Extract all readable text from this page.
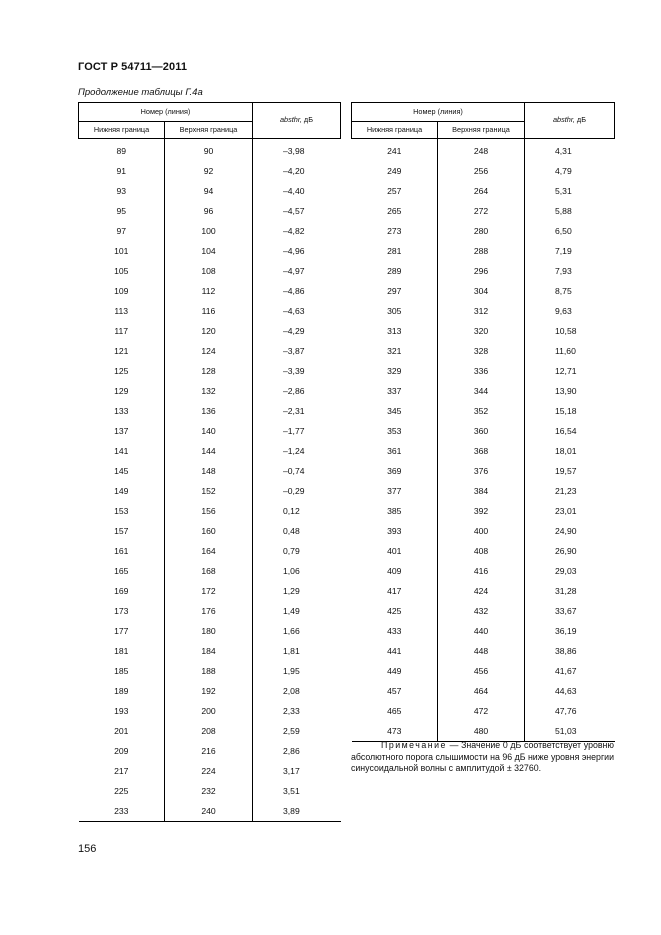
ГОСТ Р 54711—2011
Продолжение таблицы Г.4а
Номер (линия)		absthr, дБ
Нижняя граница	Верхняя граница	
89	90	–3,98
91	92	–4,20
93	94	–4,40
95	96	–4,57
97	100	–4,82
101	104	–4,96
105	108	–4,97
109	112	–4,86
113	116	–4,63
117	120	–4,29
121	124	–3,87
125	128	–3,39
129	132	–2,86
133	136	–2,31
137	140	–1,77
141	144	–1,24
145	148	–0,74
149	152	–0,29
153	156	0,12
157	160	0,48
161	164	0,79
165	168	1,06
169	172	1,29
173	176	1,49
177	180	1,66
181	184	1,81
185	188	1,95
189	192	2,08
193	200	2,33
201	208	2,59
209	216	2,86
217	224	3,17
225	232	3,51
233	240	3,89
Номер (линия)		absthr, дБ
Нижняя граница	Верхняя граница	
241	248	4,31
249	256	4,79
257	264	5,31
265	272	5,88
273	280	6,50
281	288	7,19
289	296	7,93
297	304	8,75
305	312	9,63
313	320	10,58
321	328	11,60
329	336	12,71
337	344	13,90
345	352	15,18
353	360	16,54
361	368	18,01
369	376	19,57
377	384	21,23
385	392	23,01
393	400	24,90
401	408	26,90
409	416	29,03
417	424	31,28
425	432	33,67
433	440	36,19
441	448	38,86
449	456	41,67
457	464	44,63
465	472	47,76
473	480	51,03
Примечание — Значение 0 дБ соответствует уровню абсолютного порога слышимости на 96 дБ ниже уровня энергии синусоидальной волны с амплитудой ± 32760.
156
